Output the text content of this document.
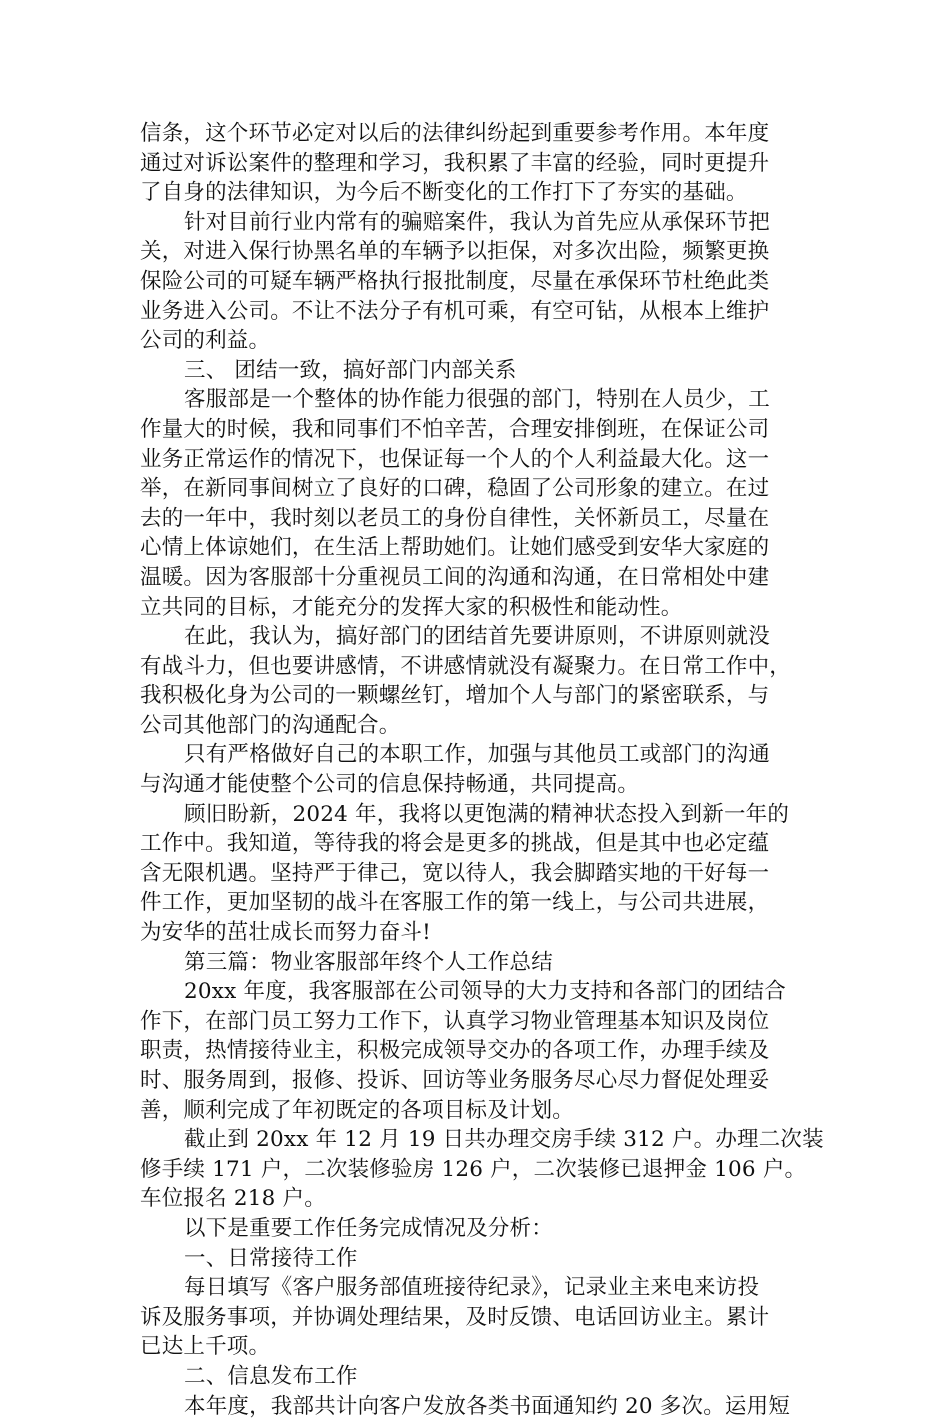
信条，这个环节必定对以后的法律纠纷起到重要参考作用。本年度
通过对诉讼案件的整理和学习，我积累了丰富的经验，同时更提升
了自身的法律知识，为今后不断变化的工作打下了夯实的基础。
针对目前行业内常有的骗赔案件，我认为首先应从承保环节把
关，对进入保行协黑名单的车辆予以拒保，对多次出险，频繁更换
保险公司的可疑车辆严格执行报批制度，尽量在承保环节杜绝此类
业务进入公司。不让不法分子有机可乘，有空可钻，从根本上维护
公司的利益。
三、 团结一致，搞好部门内部关系
客服部是一个整体的协作能力很强的部门，特别在人员少，工
作量大的时候，我和同事们不怕辛苦，合理安排倒班，在保证公司
业务正常运作的情况下，也保证每一个人的个人利益最大化。这一
举，在新同事间树立了良好的口碑，稳固了公司形象的建立。在过
去的一年中，我时刻以老员工的身份自律性，关怀新员工，尽量在
心情上体谅她们，在生活上帮助她们。让她们感受到安华大家庭的
温暖。因为客服部十分重视员工间的沟通和沟通，在日常相处中建
立共同的目标，才能充分的发挥大家的积极性和能动性。
在此，我认为，搞好部门的团结首先要讲原则，不讲原则就没
有战斗力，但也要讲感情，不讲感情就没有凝聚力。在日常工作中，
我积极化身为公司的一颗螺丝钉，增加个人与部门的紧密联系，与
公司其他部门的沟通配合。
只有严格做好自己的本职工作，加强与其他员工或部门的沟通
与沟通才能使整个公司的信息保持畅通，共同提高。
顾旧盼新，2024 年，我将以更饱满的精神状态投入到新一年的
工作中。我知道，等待我的将会是更多的挑战，但是其中也必定蕴
含无限机遇。坚持严于律己，宽以待人，我会脚踏实地的干好每一
件工作，更加坚韧的战斗在客服工作的第一线上，与公司共进展，
为安华的茁壮成长而努力奋斗!
第三篇：物业客服部年终个人工作总结
20xx 年度，我客服部在公司领导的大力支持和各部门的团结合
作下，在部门员工努力工作下，认真学习物业管理基本知识及岗位
职责，热情接待业主，积极完成领导交办的各项工作，办理手续及
时、服务周到，报修、投诉、回访等业务服务尽心尽力督促处理妥
善，顺利完成了年初既定的各项目标及计划。
截止到 20xx 年 12 月 19 日共办理交房手续 312 户。办理二次装
修手续 171 户，二次装修验房 126 户，二次装修已退押金 106 户。
车位报名 218 户。
以下是重要工作任务完成情况及分析：
一、日常接待工作
每日填写《客户服务部值班接待纪录》，记录业主来电来访投
诉及服务事项，并协调处理结果，及时反馈、电话回访业主。累计
已达上千项。
二、信息发布工作
本年度，我部共计向客户发放各类书面通知约 20 多次。运用短
